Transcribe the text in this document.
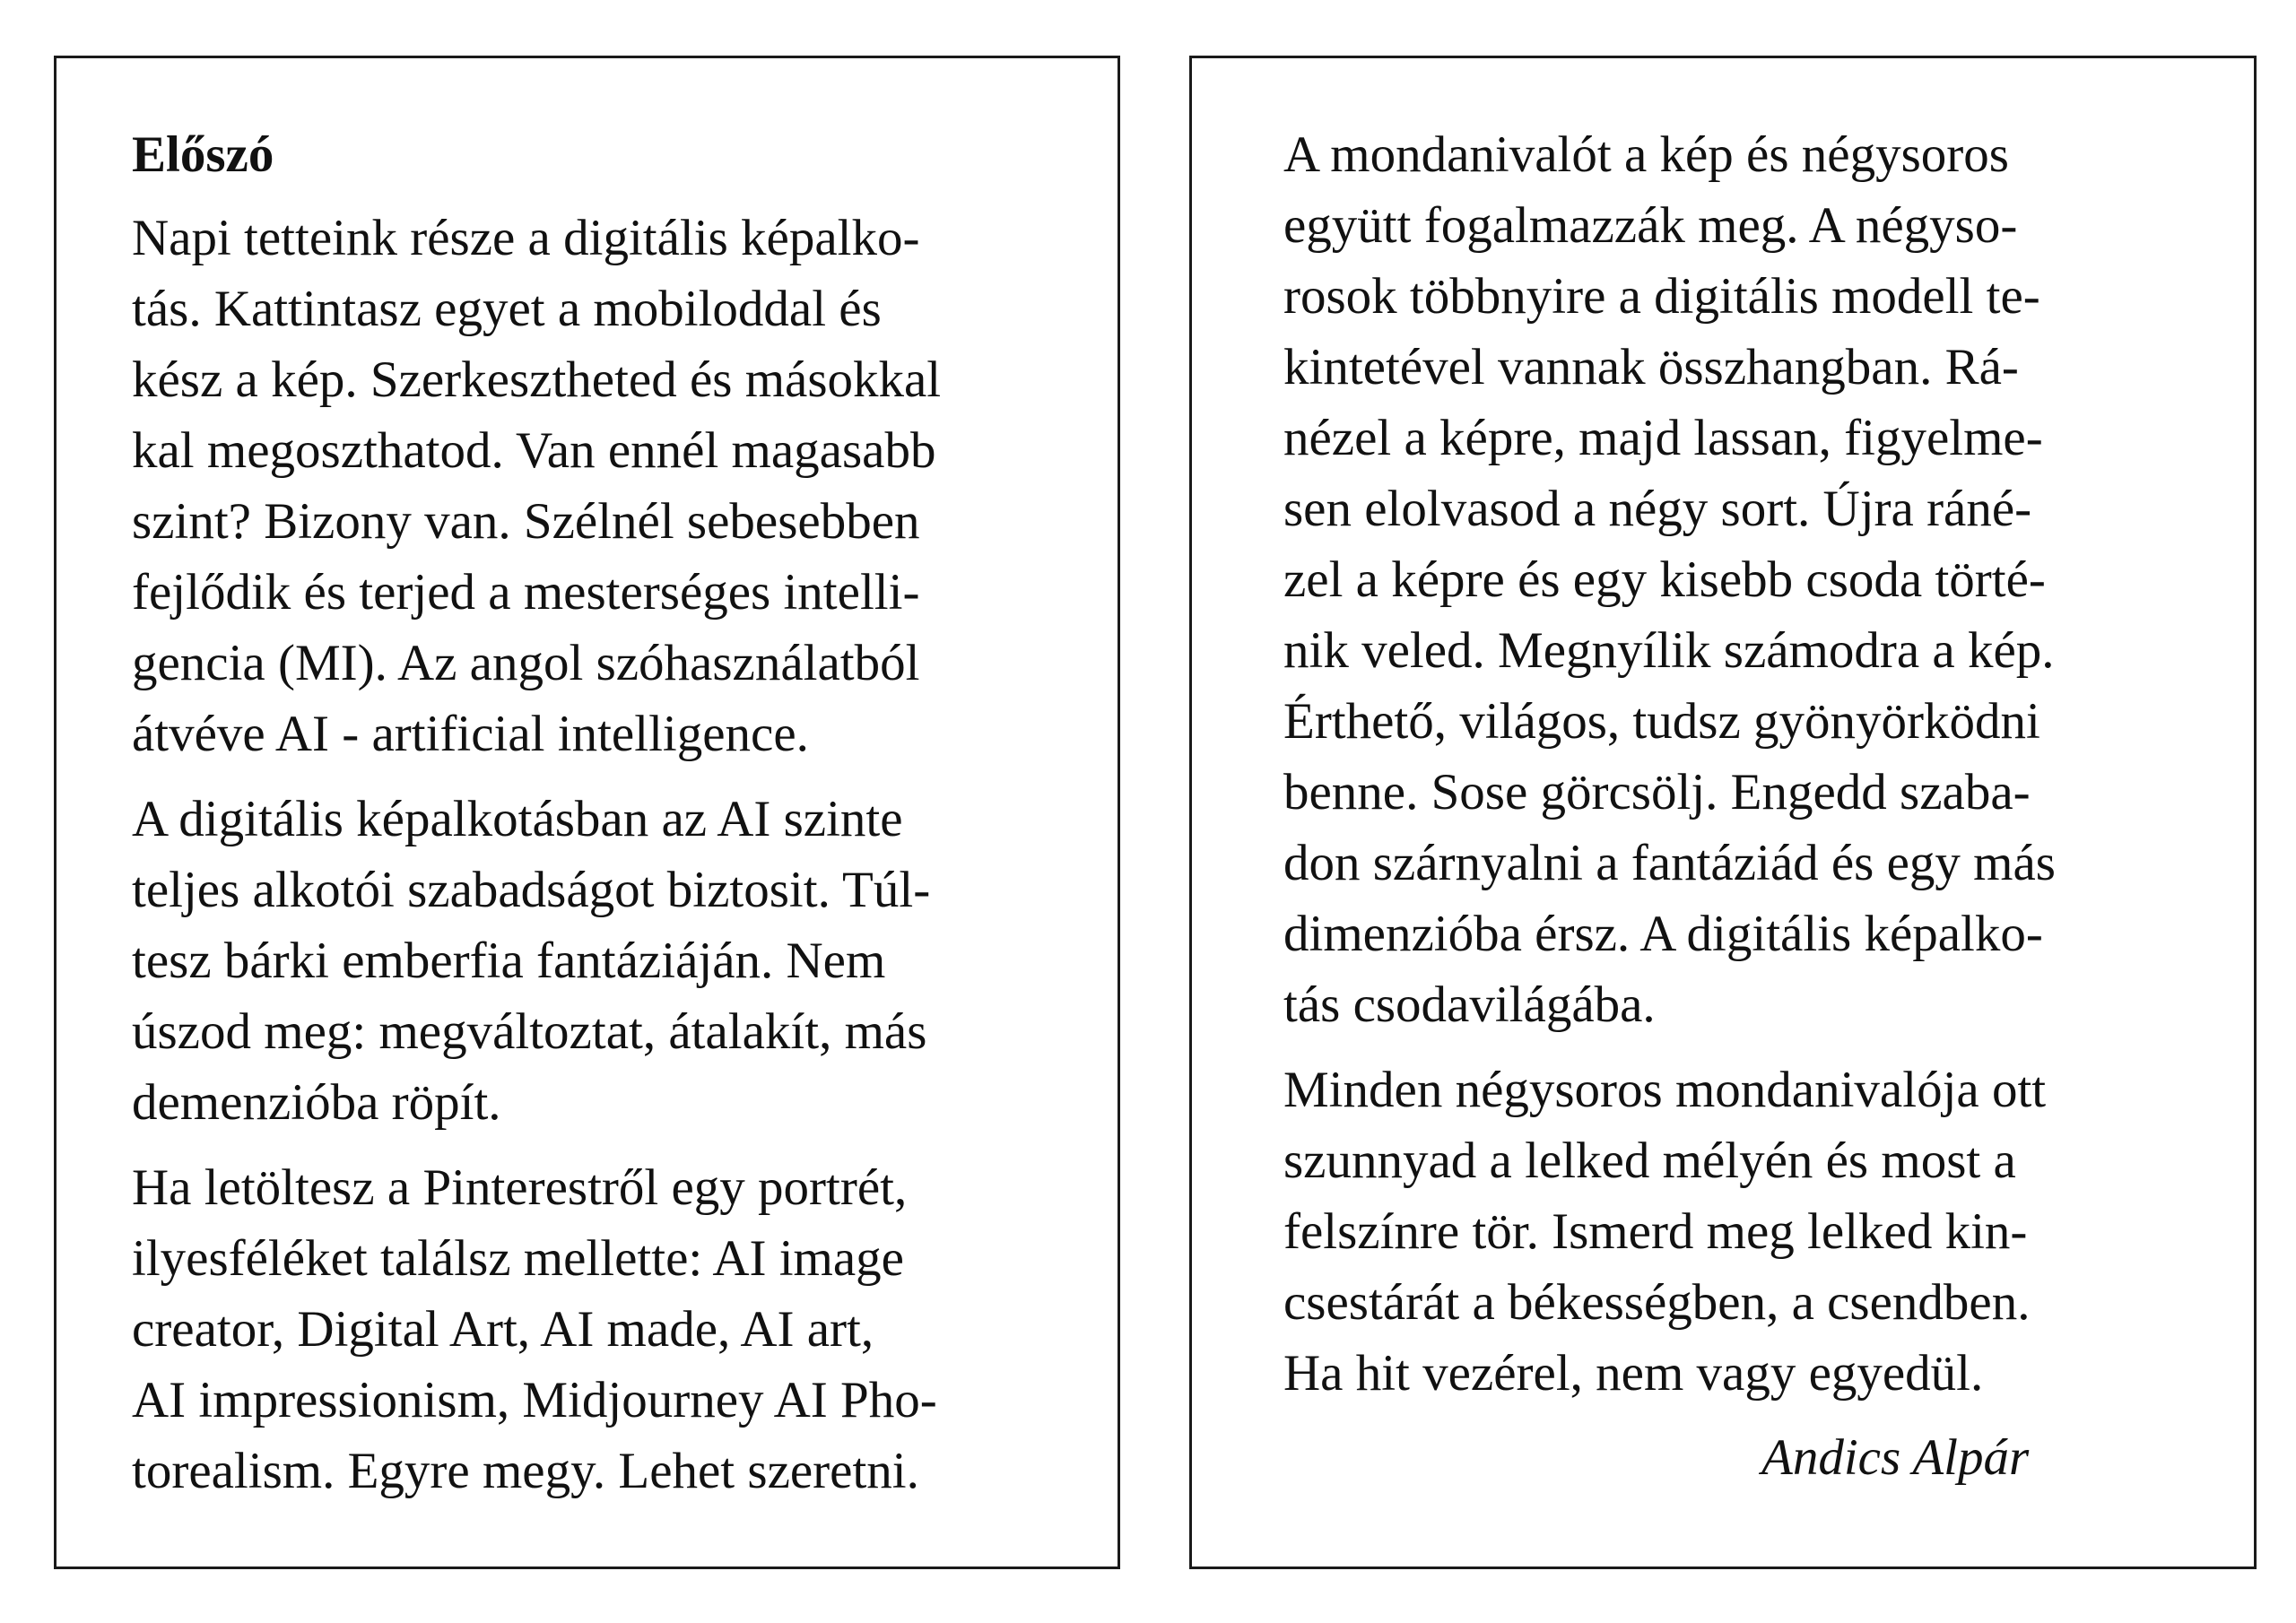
Előszó
Napi tetteink része a digitális képalko-
tás. Kattintasz egyet a mobiloddal és
kész a kép. Szerkesztheted és másokkal
kal megoszthatod. Van ennél magasabb
szint? Bizony van. Szélnél sebesebben
fejlődik és terjed a mesterséges intelli-
gencia (MI). Az angol szóhasználatból
átvéve AI - artificial intelligence.
A digitális képalkotásban az AI szinte
teljes alkotói szabadságot biztosit. Túl-
tesz bárki emberfia fantáziáján. Nem
úszod meg: megváltoztat, átalakít, más
demenzióba röpít.
Ha letöltesz a Pinterestről egy portrét,
ilyesféléket találsz mellette: AI image
creator, Digital Art, AI made, AI art,
AI impressionism, Midjourney AI Pho-
torealism. Egyre megy. Lehet szeretni.
A mondanivalót a kép és négysoros
együtt fogalmazzák meg. A négyso-
rosok többnyire a digitális modell te-
kintetével vannak összhangban. Rá-
nézel a képre, majd lassan, figyelme-
sen elolvasod a négy sort. Újra ráné-
zel a képre és egy kisebb csoda törté-
nik veled. Megnyílik számodra a kép.
Érthető, világos, tudsz gyönyörködni
benne. Sose görcsölj. Engedd szaba-
don szárnyalni a fantáziád és egy más
dimenzióba érsz. A digitális képalko-
tás csodavilágába.
Minden négysoros mondanivalója ott
szunnyad a lelked mélyén és most a
felszínre tör. Ismerd meg lelked kin-
csestárát a békességben, a csendben.
Ha hit vezérel, nem vagy egyedül.
Andics Alpár
